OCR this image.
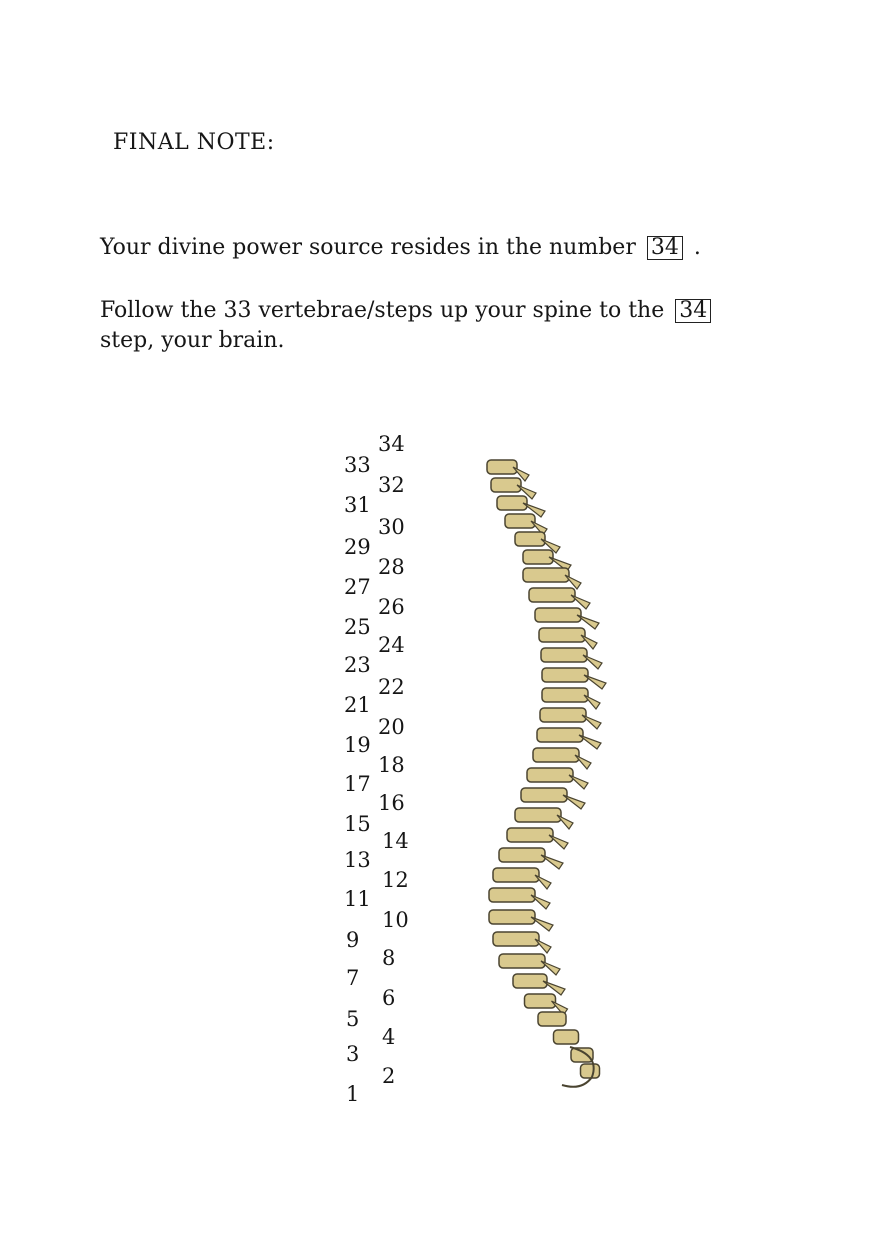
FINAL NOTE:
Your divine power source resides in the number 34 .
Follow the 33 vertebrae/steps up your spine to the 34
step, your brain.
33
31
29
27
25
23
21
19
17
15
13
11
9
7
5
3
1
34
32
30
28
26
24
22
20
18
16
14
12
10
8
6
4
2
